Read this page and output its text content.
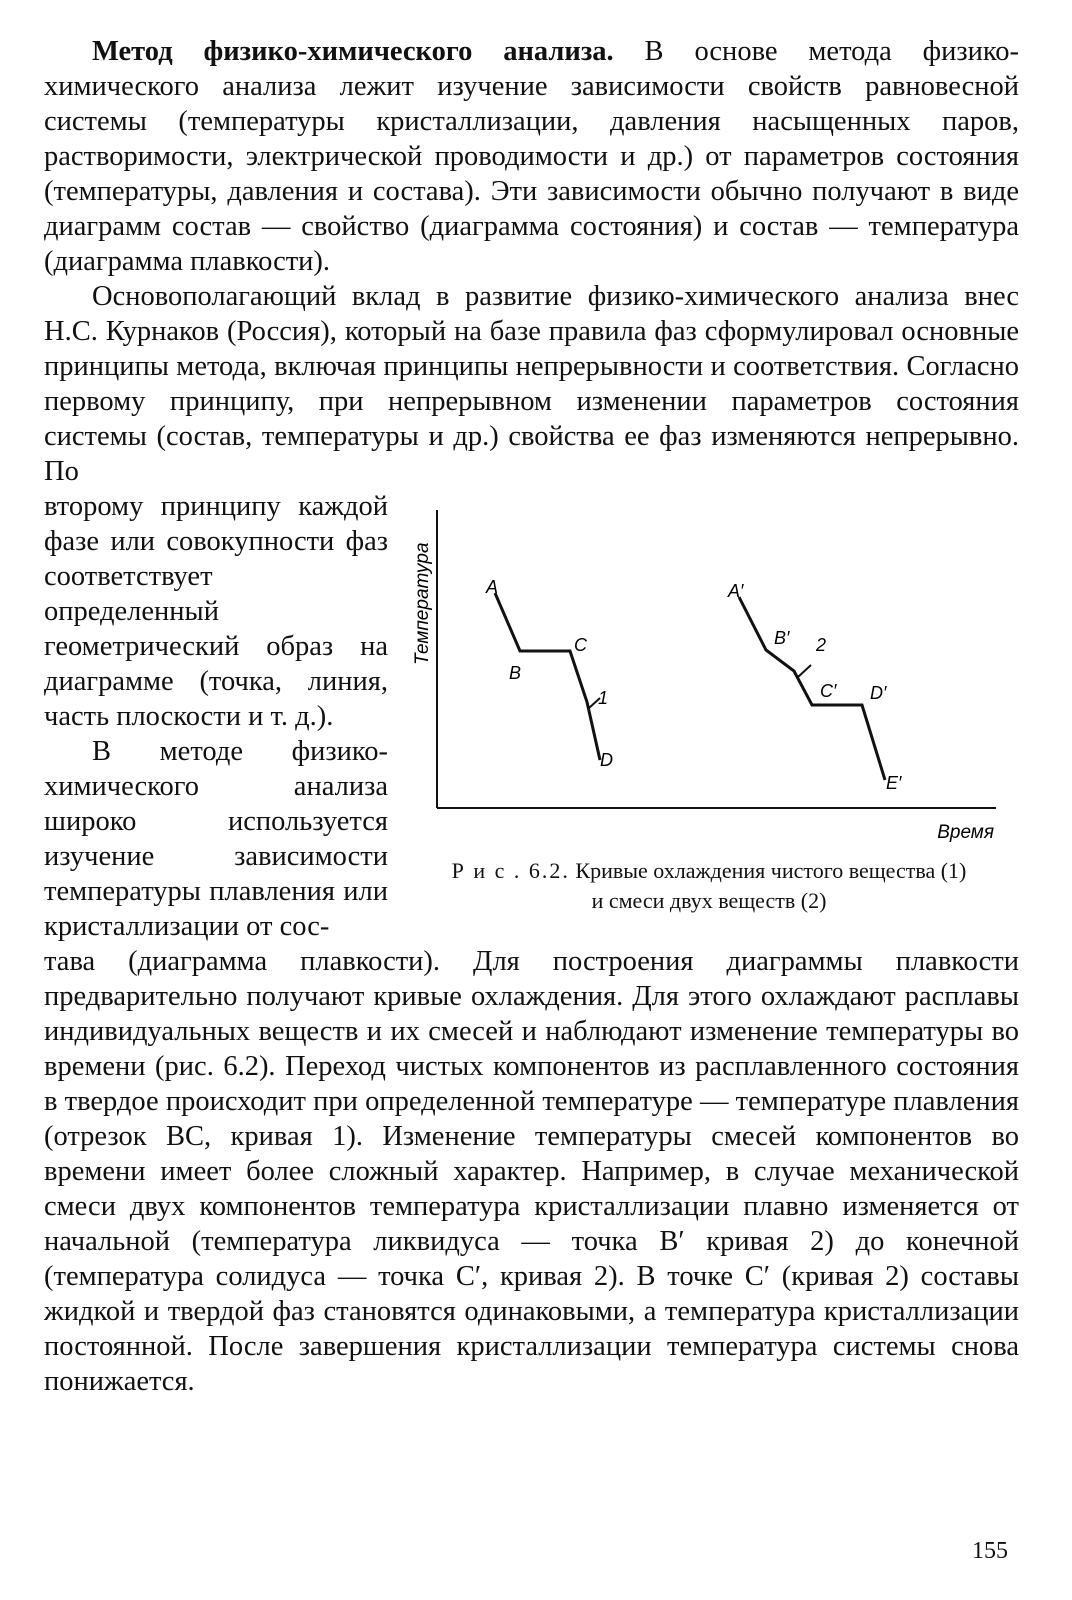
Метод физико-химического анализа. В основе метода физико-химического анализа лежит изучение зависимости свойств равновесной системы (температуры кристаллизации, давления насыщенных паров, растворимости, электрической проводимости и др.) от параметров состояния (температуры, давления и состава). Эти зависимости обычно получают в виде диаграмм состав — свойство (диаграмма состояния) и состав — температура (диаграмма плавкости).

Основополагающий вклад в развитие физико-химического анализа внес Н.С. Курнаков (Россия), который на базе правила фаз сформулировал основные принципы метода, включая принципы непрерывности и соответствия. Согласно первому принципу, при непрерывном изменении параметров состояния системы (состав, температуры и др.) свойства ее фаз изменяются непрерывно. По

второму принципу каждой фазе или совокупности фаз соответствует определенный геометрический образ на диаграмме (точка, линия, часть плоскости и т. д.).

В методе физико-химического анализа широко используется изучение зависимости температуры плавления или кристаллизации от сос-

тава (диаграмма плавкости). Для построения диаграммы плавкости предварительно получают кривые охлаждения. Для этого охлаждают расплавы индивидуальных веществ и их смесей и наблюдают изменение температуры во времени (рис. 6.2). Переход чистых компонентов из расплавленного состояния в твердое происходит при определенной температуре — температуре плавления (отрезок BC, кривая 1). Изменение температуры смесей компонентов во времени имеет более сложный характер. Например, в случае механической смеси двух компонентов температура кристаллизации плавно изменяется от начальной (температура ликвидуса — точка B′ кривая 2) до конечной (температура солидуса — точка C′, кривая 2). В точке C′ (кривая 2) составы жидкой и твердой фаз становятся одинаковыми, а температура кристаллизации постоянной. После завершения кристаллизации температура системы снова понижается.

Температура
Время
A
B
C
D
1
A′
B′
C′ D′
E′
2
Р и с . 6.2. Кривые охлаждения чистого вещества (1)
и смеси двух веществ (2)
155
